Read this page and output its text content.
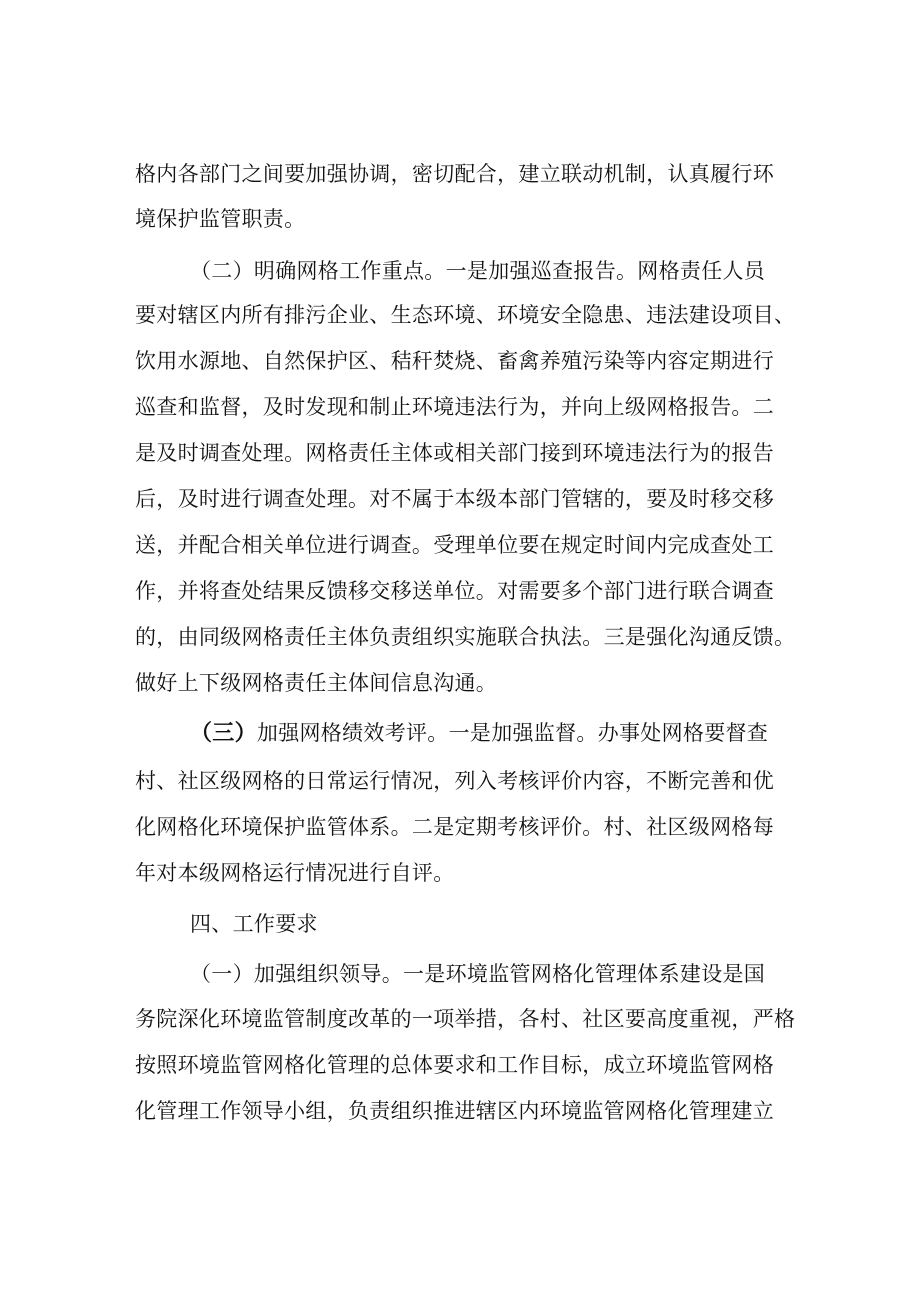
格内各部门之间要加强协调，密切配合，建立联动机制，认真履行环
境保护监管职责。
（二）明确网格工作重点。一是加强巡查报告。网格责任人员
要对辖区内所有排污企业、生态环境、环境安全隐患、违法建设项目、
饮用水源地、自然保护区、秸秆焚烧、畜禽养殖污染等内容定期进行
巡查和监督，及时发现和制止环境违法行为，并向上级网格报告。二
是及时调查处理。网格责任主体或相关部门接到环境违法行为的报告
后，及时进行调查处理。对不属于本级本部门管辖的，要及时移交移
送，并配合相关单位进行调查。受理单位要在规定时间内完成查处工
作，并将查处结果反馈移交移送单位。对需要多个部门进行联合调查
的，由同级网格责任主体负责组织实施联合执法。三是强化沟通反馈。
做好上下级网格责任主体间信息沟通。
（三）加强网格绩效考评。一是加强监督。办事处网格要督查
村、社区级网格的日常运行情况，列入考核评价内容，不断完善和优
化网格化环境保护监管体系。二是定期考核评价。村、社区级网格每
年对本级网格运行情况进行自评。
四、工作要求
（一）加强组织领导。一是环境监管网格化管理体系建设是国
务院深化环境监管制度改革的一项举措，各村、社区要高度重视，严格
按照环境监管网格化管理的总体要求和工作目标，成立环境监管网格
化管理工作领导小组，负责组织推进辖区内环境监管网格化管理建立
